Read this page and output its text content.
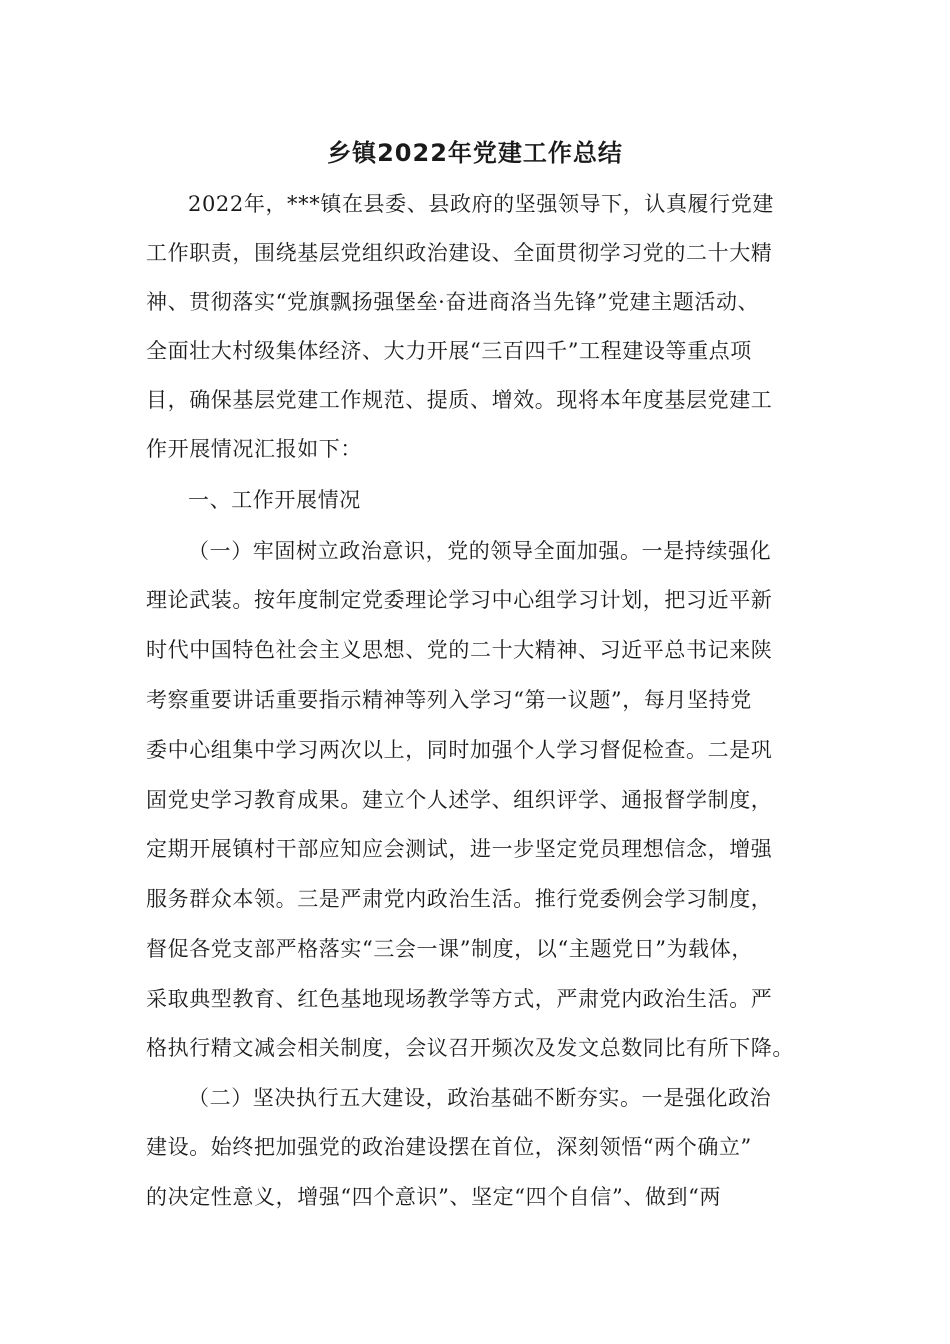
乡镇2022年党建工作总结

2022年，***镇在县委、县政府的坚强领导下，认真履行党建

工作职责，围绕基层党组织政治建设、全面贯彻学习党的二十大精

神、贯彻落实“党旗飘扬强堡垒·奋进商洛当先锋”党建主题活动、

全面壮大村级集体经济、大力开展“三百四千”工程建设等重点项

目，确保基层党建工作规范、提质、增效。现将本年度基层党建工

作开展情况汇报如下：

一、工作开展情况

（一）牢固树立政治意识，党的领导全面加强。一是持续强化

理论武装。按年度制定党委理论学习中心组学习计划，把习近平新

时代中国特色社会主义思想、党的二十大精神、习近平总书记来陕

考察重要讲话重要指示精神等列入学习“第一议题”，每月坚持党

委中心组集中学习两次以上，同时加强个人学习督促检查。二是巩

固党史学习教育成果。建立个人述学、组织评学、通报督学制度，

定期开展镇村干部应知应会测试，进一步坚定党员理想信念，增强

服务群众本领。三是严肃党内政治生活。推行党委例会学习制度，

督促各党支部严格落实“三会一课”制度，以“主题党日”为载体，

采取典型教育、红色基地现场教学等方式，严肃党内政治生活。严

格执行精文减会相关制度，会议召开频次及发文总数同比有所下降。

（二）坚决执行五大建设，政治基础不断夯实。一是强化政治

建设。始终把加强党的政治建设摆在首位，深刻领悟“两个确立”

的决定性意义，增强“四个意识”、坚定“四个自信”、做到“两
